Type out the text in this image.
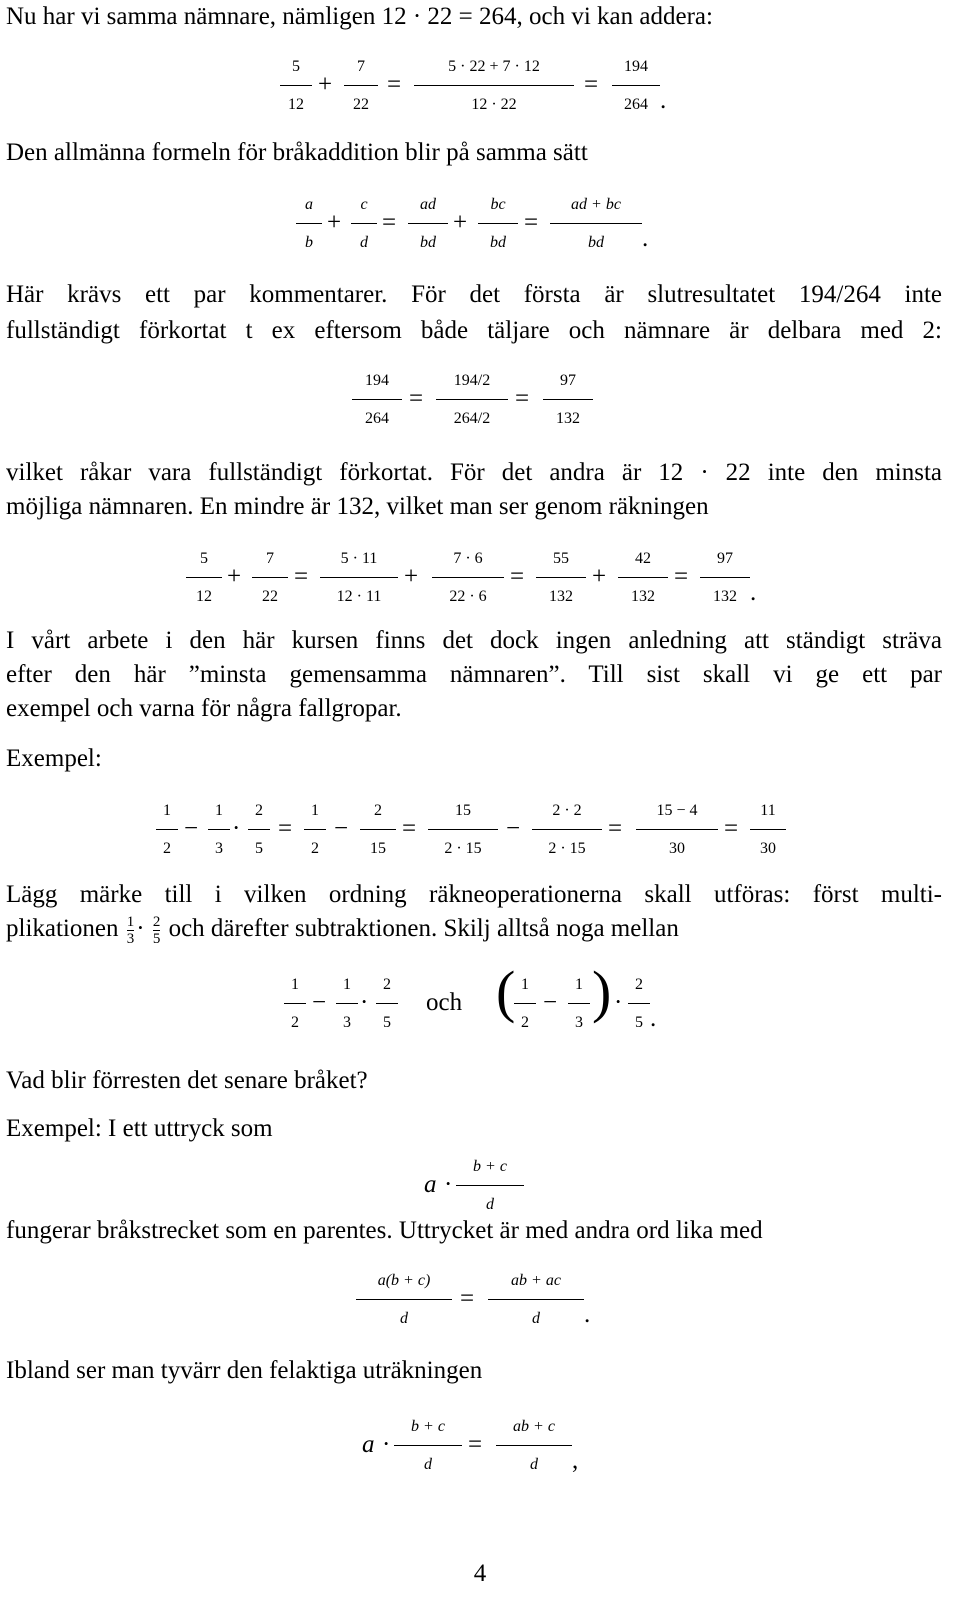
Nu har vi samma nämnare, nämligen 12 · 22 = 264, och vi kan addera:
5
12
+
7
22
=
5 · 22 + 7 · 12
12 · 22
=
194
264 .
Den allmänna formeln för bråkaddition blir på samma sätt
a
b
+
c
d
=
ad
bd
+
bc
bd
=
ad + bc
bd	.
Här krävs ett par kommentarer. För det första är slutresultatet 194/264 inte
fullständigt förkortat t ex eftersom både täljare och nämnare är delbara med 2:
194
264
=
194/2
264/2
=
97
132
vilket råkar vara fullständigt förkortat. För det andra är 12 · 22 inte den minsta
möjliga nämnaren. En mindre är 132, vilket man ser genom räkningen
5
12
+
7
22
=
5 · 11
12 · 11
+
7 · 6
22 · 6
=
55
132
+
42
132
=
97
132 .
I vårt arbete i den här kursen finns det dock ingen anledning att ständigt sträva
efter den här ”minsta gemensamma nämnaren”. Till sist skall vi ge ett par
exempel och varna för några fallgropar.
Exempel:
1
2
−
1
3
·
2
5
=
1
2
−
2
15
=
15
2 · 15
−
2 · 2
2 · 15
=
15 − 4
30
=
11
30
Lägg märke till i vilken ordning räkneoperationerna skall utföras: först multi-
plikationen $\frac{1}{3} \cdot \frac{2}{5}$ och därefter subtraktionen. Skilj alltså noga mellan
1
2
−
1
3
·
2
5
och ( 1
2
−
1
3 ) ·
2
5 .
Vad blir förresten det senare bråket?
Exempel: I ett uttryck som
a ·
b + c
d
fungerar bråkstrecket som en parentes. Uttrycket är med andra ord lika med
a(b + c)
d
=
ab + ac
d	.
Ibland ser man tyvärr den felaktiga uträkningen
a ·
b + c
d
=
ab + c
d	,
4
